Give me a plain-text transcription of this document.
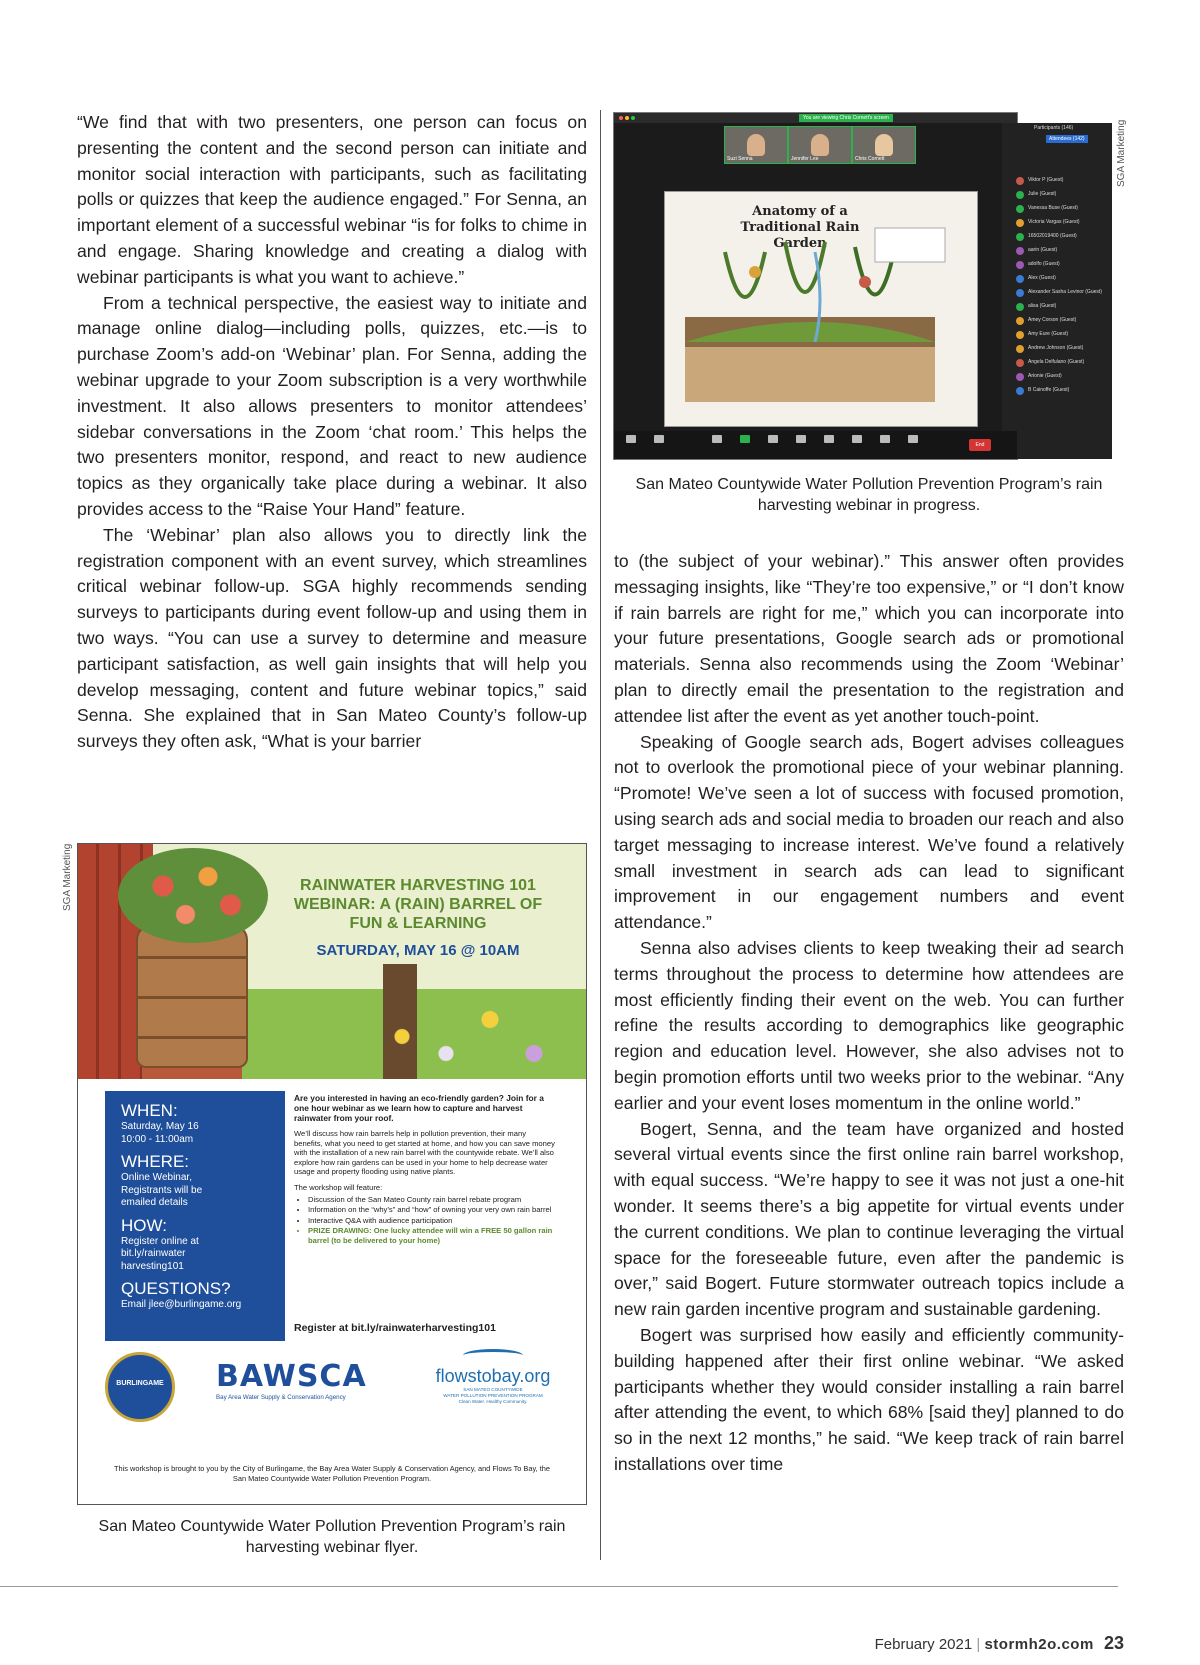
“We find that with two presenters, one person can focus on presenting the content and the second person can initiate and monitor social interaction with participants, such as facilitating polls or quizzes that keep the audience engaged.” For Senna, an important element of a successful webinar “is for folks to chime in and engage. Sharing knowledge and creating a dialog with webinar participants is what you want to achieve.”

From a technical perspective, the easiest way to initiate and manage online dialog—including polls, quizzes, etc.—is to purchase Zoom’s add-on ‘Webinar’ plan. For Senna, adding the webinar upgrade to your Zoom subscription is a very worthwhile investment. It also allows presenters to monitor attendees’ sidebar conversations in the Zoom ‘chat room.’ This helps the two presenters monitor, respond, and react to new audience topics as they organically take place during a webinar. It also provides access to the “Raise Your Hand” feature.

The ‘Webinar’ plan also allows you to directly link the registration component with an event survey, which streamlines critical webinar follow-up. SGA highly recommends sending surveys to participants during event follow-up and using them in two ways. “You can use a survey to determine and measure participant satisfaction, as well gain insights that will help you develop messaging, content and future webinar topics,” said Senna. She explained that in San Mateo County’s follow-up surveys they often ask, “What is your barrier

SGA Marketing
SGA Marketing
You are viewing Chris Cornett's screen
Suzi Senna	Jennifer Lee	Chris Cornett
Anatomy of a Traditional Rain Garden
Participants (146)
Attendees (142)
Viktor P (Guest)
Julie (Guest)
Vanessa Buse (Guest)
Victoria Vargas (Guest)
16502019400 (Guest)
aarin (Guest)
adolfo (Guest)
Alex (Guest)
Alexander Sasha Levinor (Guest)
alisa (Guest)
Amey Corson (Guest)
Amy Eure (Guest)
Andrew Johnson (Guest)
Angela Delfulano (Guest)
Arionie (Guest)
B Cainoffe (Guest)
End
San Mateo Countywide Water Pollution Prevention Program’s rain harvesting webinar in progress.

to (the subject of your webinar).” This answer often provides messaging insights, like “They’re too expensive,” or “I don’t know if rain barrels are right for me,” which you can incorporate into your future presentations, Google search ads or promotional materials. Senna also recommends using the Zoom ‘Webinar’ plan to directly email the presentation to the registration and attendee list after the event as yet another touch-point.

Speaking of Google search ads, Bogert advises colleagues not to overlook the promotional piece of your webinar planning. “Promote! We’ve seen a lot of success with focused promotion, using search ads and social media to broaden our reach and also target messaging to increase interest. We’ve found a relatively small investment in search ads can lead to significant improvement in our engagement numbers and event attendance.”

Senna also advises clients to keep tweaking their ad search terms throughout the process to determine how attendees are most efficiently finding their event on the web. You can further refine the results according to demographics like geographic region and education level. However, she also advises not to begin promotion efforts until two weeks prior to the webinar. “Any earlier and your event loses momentum in the online world.”

Bogert, Senna, and the team have organized and hosted several virtual events since the first online rain barrel workshop, with equal success. “We’re happy to see it was not just a one-hit wonder. It seems there’s a big appetite for virtual events under the current conditions. We plan to continue leveraging the virtual space for the foreseeable future, even after the pandemic is over,” said Bogert. Future stormwater outreach topics include a new rain garden incentive program and sustainable gardening.

Bogert was surprised how easily and efficiently community-building happened after their first online webinar. “We asked participants whether they would consider installing a rain barrel after attending the event, to which 68% [said they] planned to do so in the next 12 months,” he said. “We keep track of rain barrel installations over time

RAINWATER HARVESTING 101 WEBINAR: A (RAIN) BARREL OF FUN & LEARNING
SATURDAY, MAY 16 @ 10AM
WHEN:
Saturday, May 16
10:00 - 11:00am
WHERE:
Online Webinar,
Registrants will be
emailed details
HOW:
Register online at
bit.ly/rainwater
harvesting101
QUESTIONS?
Email jlee@burlingame.org
Are you interested in having an eco-friendly garden? Join for a one hour webinar as we learn how to capture and harvest rainwater from your roof.
We’ll discuss how rain barrels help in pollution prevention, their many benefits, what you need to get started at home, and how you can save money with the installation of a new rain barrel with the countywide rebate. We’ll also explore how rain gardens can be used in your home to help decrease water usage and property flooding using native plants.
The workshop will feature:
• Discussion of the San Mateo County rain barrel rebate program
• Information on the “why’s” and “how” of owning your very own rain barrel
• Interactive Q&A with audience participation
• PRIZE DRAWING: One lucky attendee will win a FREE 50 gallon rain barrel (to be delivered to your home)
Register at bit.ly/rainwaterharvesting101
BURLINGAME BAWSCA
Bay Area Water Supply & Conservation Agency
flowstobay.org
SAN MATEO COUNTYWIDE
WATER POLLUTION PREVENTION PROGRAM
Clean Water. Healthy Community.
This workshop is brought to you by the City of Burlingame, the Bay Area Water Supply & Conservation Agency, and Flows To Bay, the San Mateo Countywide Water Pollution Prevention Program.
San Mateo Countywide Water Pollution Prevention Program’s rain harvesting webinar flyer.
February 2021 | stormh2o.com 23
